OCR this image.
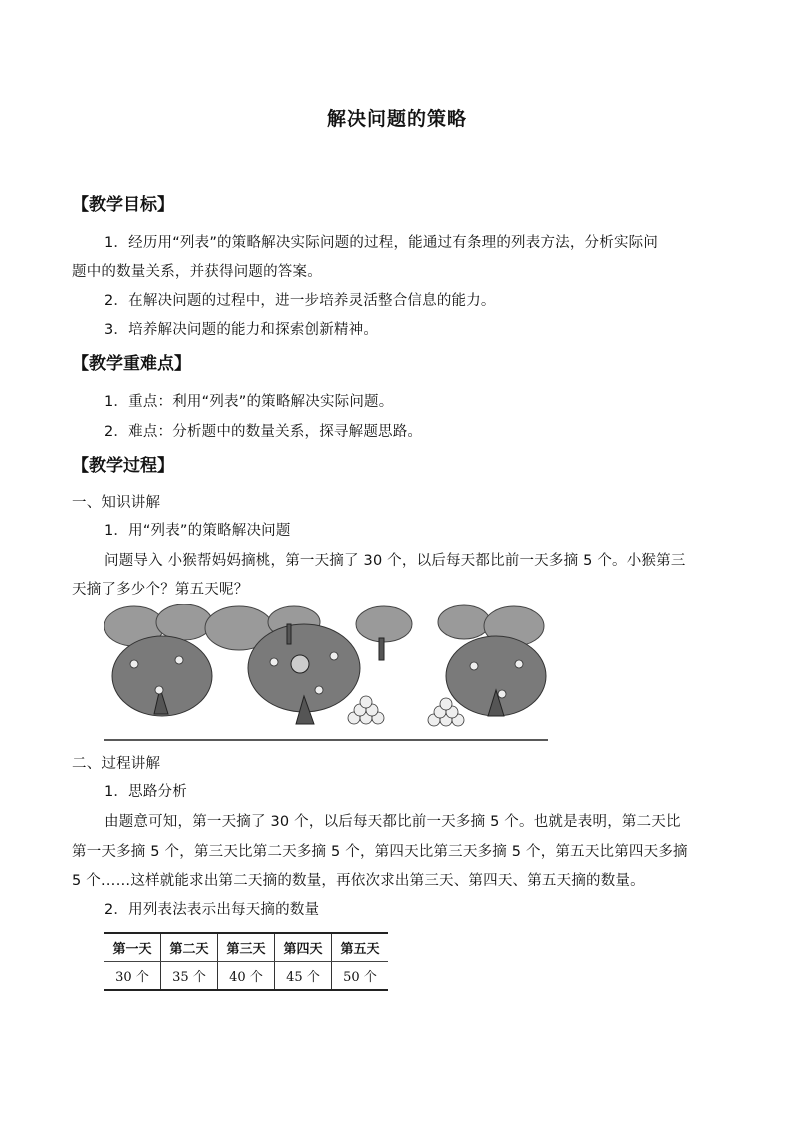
解决问题的策略
【教学目标】
1．经历用“列表”的策略解决实际问题的过程，能通过有条理的列表方法，分析实际问
题中的数量关系，并获得问题的答案。
2．在解决问题的过程中，进一步培养灵活整合信息的能力。
3．培养解决问题的能力和探索创新精神。
【教学重难点】
1．重点：利用“列表”的策略解决实际问题。
2．难点：分析题中的数量关系，探寻解题思路。
【教学过程】
一、知识讲解
1．用“列表”的策略解决问题
问题导入 小猴帮妈妈摘桃，第一天摘了 30 个，以后每天都比前一天多摘 5 个。小猴第三
天摘了多少个？第五天呢？
二、过程讲解
1．思路分析
由题意可知，第一天摘了 30 个，以后每天都比前一天多摘 5 个。也就是表明，第二天比
第一天多摘 5 个，第三天比第二天多摘 5 个，第四天比第三天多摘 5 个，第五天比第四天多摘
5 个……这样就能求出第二天摘的数量，再依次求出第三天、第四天、第五天摘的数量。
2．用列表法表示出每天摘的数量
第一天	第二天	第三天	第四天	第五天
30 个	35 个	40 个	45 个	50 个
